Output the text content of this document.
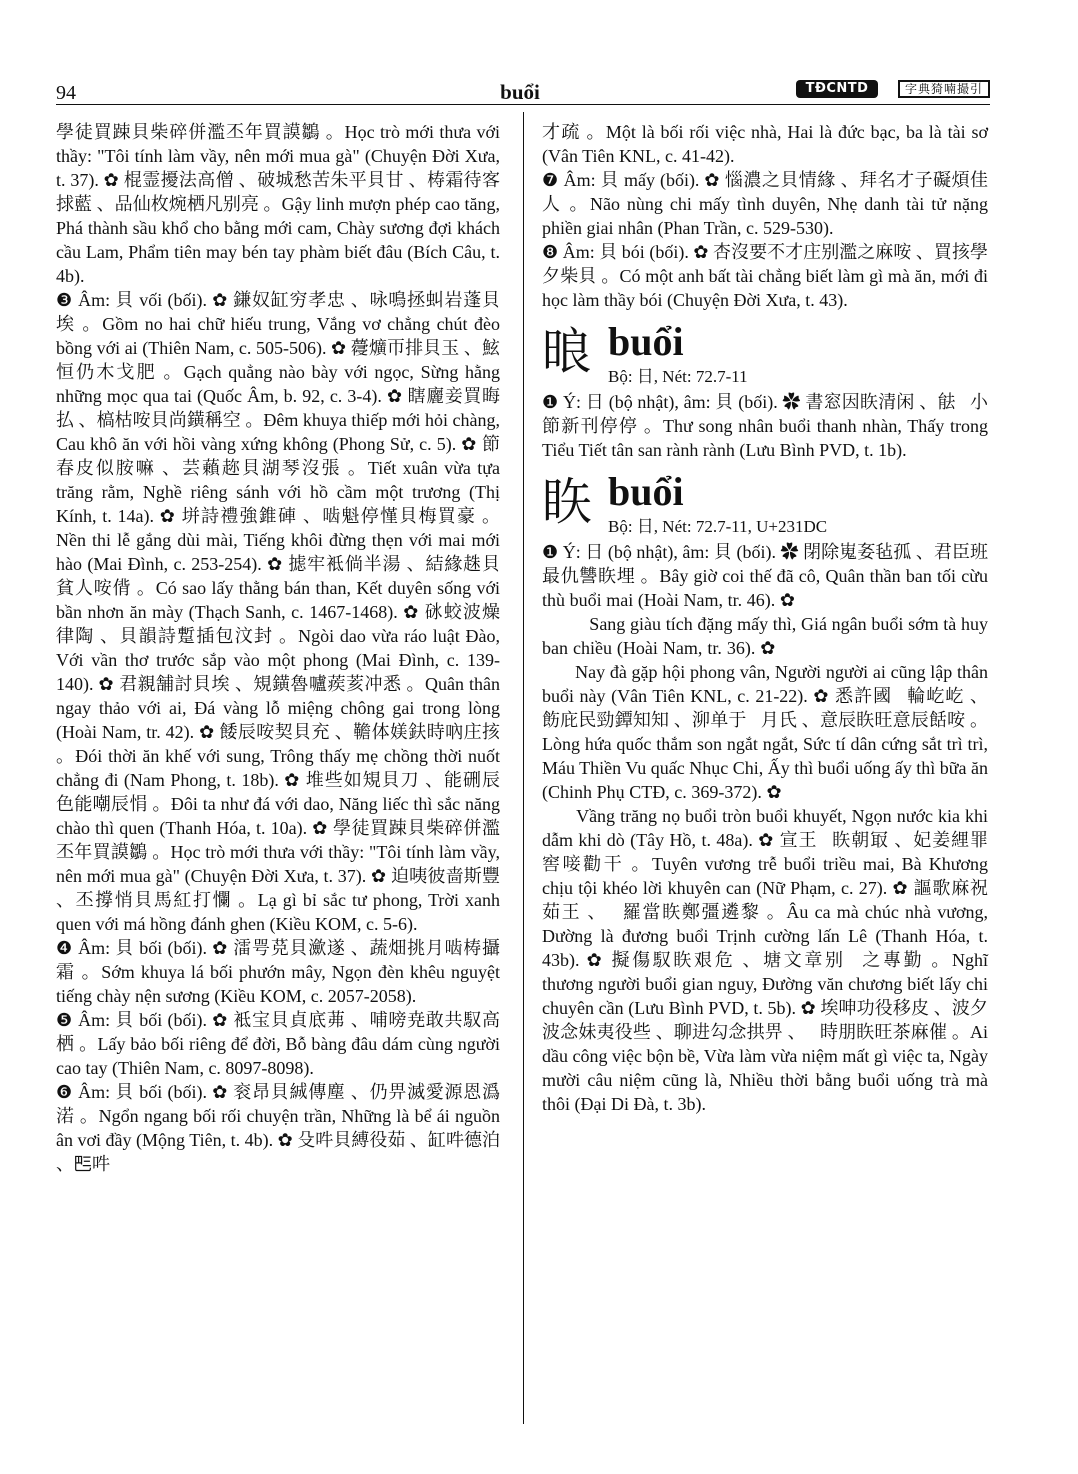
94	buổi	TĐCNTD	字典猗喃撮引

學徒買踈貝柴碎併濫丕年買謨鶵 。Học trò mới thưa với thầy: "Tôi tính làm vầy, nên mới mua gà" (Chuyện Đời Xưa, t. 37). ✿ 棍霊擾法高僧 、破城愁苦朱平貝甘 、梼霜待客捄藍 、品仙枚焥栖凡别亮 。Gậy linh mượn phép cao tăng, Phá thành sầu khổ cho bằng mới cam, Chày sương đợi khách cầu Lam, Phẩm tiên may bén tay phàm biết đâu (Bích Câu, t. 4b).

❸ Âm: 貝 vối (bối). ✿ 鎌奴缸穷孝忠 、咏鳴拯虯岩蓬貝埃 。Gồm no hai chữ hiếu trung, Vắng vơ chẳng chút đèo bồng với ai (Thiên Nam, c. 505-506). ✿ 蘉爌帀排貝玉 、鮌恒仍木戈肥 。Gạch quẳng nào bày với ngọc, Sừng hằng những mọc qua tai (Quốc Âm, b. 92, c. 3-4). ✿ 瞎廲妾買晦払 、槁枯咹貝尚鐄稱空 。Đêm khuya thiếp mới hỏi chàng, Cau khô ăn với hồi vàng xứng không (Phong Sử, c. 5). ✿ 節春皮似胺嘛 、芸藾趂貝湖琴沒張 。Tiết xuân vừa tựa trăng rằm, Nghề riêng sánh với hồ cầm một trương (Thị Kính, t. 14a). ✿ 垪詩禮強錐硨 、啮魁停慬貝梅買豪 。Nền thi lễ gắng dùi mài, Tiếng khôi đừng thẹn với mai mới hào (Mai Đình, c. 253-254). ✿ 摅牢袛倘半湯 、結緣趎貝貧人咹偝 。Có sao lấy thằng bán than, Kết duyên sống với bần nhơn ăn mày (Thạch Sanh, c. 1467-1468). ✿ 砯蛟波燥律陶 、貝韻詩蹔插包汶封 。Ngòi dao vừa ráo luật Đào, Với vần thơ trước sắp vào một phong (Mai Đình, c. 139-140). ✿ 君親舗討貝埃 、䂓鐄魯嚧蒺荄冲悉 。Quân thân ngay thảo với ai, Đá vàng lỗ miệng chông gai trong lòng (Hoài Nam, tr. 42). ✿ 餧辰咹契貝充 、韂体媄鈇時吶庄㧡 。Đói thời ăn khế với sung, Trông thấy mẹ chồng thời nuốt chẳng đi (Nam Phong, t. 18b). ✿ 堆些如䂓貝刀 、能硎辰色能嘲辰悁 。Đôi ta như đá với dao, Năng liếc thì sắc năng chào thì quen (Thanh Hóa, t. 10a). ✿ 學徒買踈貝柴碎併濫丕年買謨鶵 。Học trò mới thưa với thầy: "Tôi tính làm vầy, nên mới mua gà" (Chuyện Đời Xưa, t. 37). ✿ 迫咦彼啬斯豐 、丕撐悄貝馬紅打㦨 。Lạ gì bỉ sắc tư phong, Trời xanh quen với má hồng đánh ghen (Kiều KOM, c. 5-6).

❹ Âm: 貝 bối (bối). ✿ 㵢咢莌貝㶑遂 、蔬畑挑月啮梼攝霜 。Sớm khuya lá bối phướn mây, Ngọn đèn khêu nguyệt tiếng chày nện sương (Kiều KOM, c. 2057-2058).

❺ Âm: 貝 bối (bối). ✿ 袛宝貝貞底茀 、哺嗙尭敢共馭高栖 。Lấy bảo bối riêng để đời, Bỗ bàng đâu dám cùng người cao tay (Thiên Nam, c. 8097-8098).

❻ Âm: 貝 bối (bối). ✿ 衮昂貝絾傳塵 、仍畀滅愛源恩潙渃 。Ngổn ngang bối rối chuyện trần, Những là bể ái nguồn ân vơi đầy (Mộng Tiên, t. 4b). ✿ 殳吽貝縛役茹 、缸吽德泊 、𠀧吽

才疏 。Một là bối rối việc nhà, Hai là đức bạc, ba là tài sơ (Vân Tiên KNL, c. 41-42).

❼ Âm: 貝 mấy (bối). ✿ 惱濃之貝情緣 、拜名才子礙煩佳人 。Não nùng chi mấy tình duyên, Nhẹ danh tài tử nặng phiền giai nhân (Phan Trần, c. 529-530).

❽ Âm: 貝 bói (bối). ✿ 杏沒要不才庄别濫之麻咹 、買㧡學夕柴貝 。Có một anh bất tài chẳng biết làm gì mà ăn, mới đi học làm thầy bói (Chuyện Đời Xưa, t. 43).

㫰 buổi
Bộ: 日, Nét: 72.7-11

❶ Ý: 日 (bộ nhật), âm: 貝 (bối). ✿ 書窓因䀢清闲 、䏻𦝄小節新刊停停 。Thư song nhân buổi thanh nhàn, Thấy trong Tiểu Tiết tân san rành rành (Lưu Bình PVD, t. 1b).

䀢 buổi
Bộ: 日, Nét: 72.7-11, U+231DC

❶ Ý: 日 (bộ nhật), âm: 貝 (bối). ✿ 閉除嵬㚣毡孤 、君臣班最仇讐䀢埋 。Bây giờ coi thế đã cô, Quân thần ban tối cừu thù buổi mai (Hoài Nam, tr. 46). ✿ 𣋂𣋃積𠀧氽辰 、這銀䀢㷀斜暉班朝 。Sang giàu tích đặng mấy thì, Giá ngân buổi sớm tà huy ban chiều (Hoài Nam, tr. 36). ✿ 𠹾它𠋥會風雲 、馭馭埃拱立身䀢呢 。Nay đà gặp hội phong vân, Người người ai cũng lập thân buổi này (Vân Tiên KNL, c. 21-22). ✿ 悉許國𧹻輪屹屹 、飭庇民勁鐔知知 、泖单于𦘧月氏 、意辰䀢旺意辰餂咹 。Lòng hứa quốc thắm son ngắt ngắt, Sức tí dân cứng sắt trì trì, Máu Thiền Vu quấc Nhục Chi, Ấy thì buổi uống ấy thì bữa ăn (Chinh Phụ CTĐ, c. 369-372). ✿ 𦝄朘怒䀢蹁䀢鈌 、蔬渃箕欺淊欺漇 。Vầng trăng nọ buổi tròn buổi khuyết, Ngọn nước kia khi dẫm khi dò (Tây Hồ, t. 48a). ✿ 宣王𢪀䀢朝冣 、妃姜䋥罪窖唼勸干 。Tuyên vương trễ buổi triều mai, Bà Khương chịu tội khéo lời khuyên can (Nữ Phạm, c. 27). ✿ 謳歌麻祝茹王 、𢪀羅當䀢鄭彊遴黎 。Âu ca mà chúc nhà vương, Dường là đương buổi Trịnh cường lấn Lê (Thanh Hóa, t. 43b). ✿ 擬傷馭䀢艰危 、塘文章别𥚯之專勤 。Nghĩ thương người buổi gian nguy, Đường văn chương biết lấy chi chuyên cần (Lưu Bình PVD, t. 5b). ✿ 埃呻功役移皮 、波夕波念妹夷役些 、聊进勾念拱畀 、𢁑時朋䀢旺茶麻催 。Ai dầu công việc bộn bề, Vừa làm vừa niệm mất gì việc ta, Ngày mười câu niệm cũng là, Nhiều thời bằng buổi uống trà mà thôi (Đại Di Đà, t. 3b).
